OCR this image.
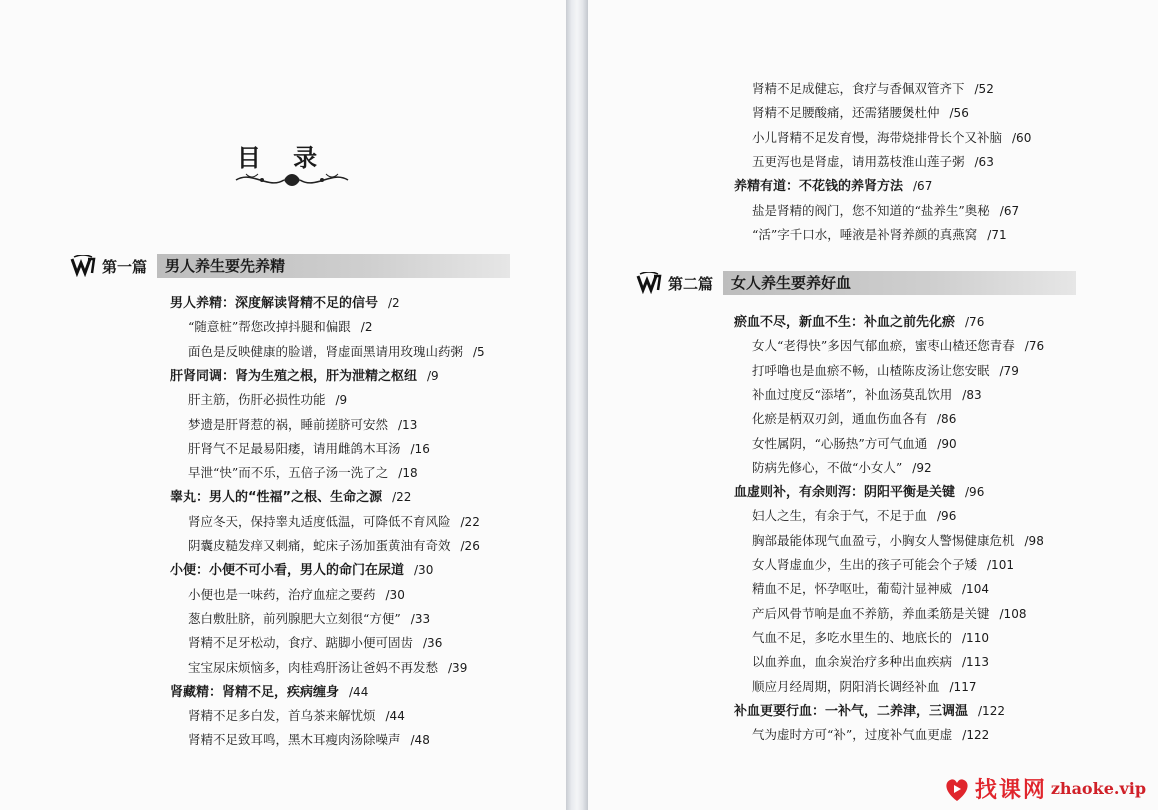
目 录
第一篇	男人养生要先养精
男人养精：深度解读肾精不足的信号 /2
“随意桩”帮您改掉抖腿和偏跟 /2
面色是反映健康的脸谱，肾虚面黑请用玫瑰山药粥 /5
肝肾同调：肾为生殖之根，肝为泄精之枢纽 /9
肝主筋，伤肝必损性功能 /9
梦遗是肝肾惹的祸，睡前搓脐可安然 /13
肝肾气不足最易阳痿，请用雌鸽木耳汤 /16
早泄“快”而不乐，五倍子汤一洗了之 /18
睾丸：男人的“性福”之根、生命之源 /22
肾应冬天，保持睾丸适度低温，可降低不育风险 /22
阴囊皮糙发痒又刺痛，蛇床子汤加蛋黄油有奇效 /26
小便：小便不可小看，男人的命门在尿道 /30
小便也是一味药，治疗血症之要药 /30
葱白敷肚脐，前列腺肥大立刻很“方便” /33
肾精不足牙松动，食疗、踮脚小便可固齿 /36
宝宝尿床烦恼多，肉桂鸡肝汤让爸妈不再发愁 /39
肾藏精：肾精不足，疾病缠身 /44
肾精不足多白发，首乌茶来解忧烦 /44
肾精不足致耳鸣，黑木耳瘦肉汤除噪声 /48
肾精不足成健忘，食疗与香佩双管齐下 /52
肾精不足腰酸痛，还需猪腰煲杜仲 /56
小儿肾精不足发育慢，海带烧排骨长个又补脑 /60
五更泻也是肾虚，请用荔枝淮山莲子粥 /63
养精有道：不花钱的养肾方法 /67
盐是肾精的阀门，您不知道的“盐养生”奥秘 /67
“活”字千口水，唾液是补肾养颜的真燕窝 /71
第二篇	女人养生要养好血
瘀血不尽，新血不生：补血之前先化瘀 /76
女人“老得快”多因气郁血瘀，蜜枣山楂还您青春 /76
打呼噜也是血瘀不畅，山楂陈皮汤让您安眠 /79
补血过度反“添堵”，补血汤莫乱饮用 /83
化瘀是柄双刃剑，通血伤血各有 /86
女性属阴，“心肠热”方可气血通 /90
防病先修心，不做“小女人” /92
血虚则补，有余则泻：阴阳平衡是关键 /96
妇人之生，有余于气，不足于血 /96
胸部最能体现气血盈亏，小胸女人警惕健康危机 /98
女人肾虚血少，生出的孩子可能会个子矮 /101
精血不足，怀孕呕吐，葡萄汁显神威 /104
产后风骨节响是血不养筋，养血柔筋是关键 /108
气血不足，多吃水里生的、地底长的 /110
以血养血，血余炭治疗多种出血疾病 /113
顺应月经周期，阴阳消长调经补血 /117
补血更要行血：一补气，二养津，三调温 /122
气为虚时方可“补”，过度补气血更虚 /122
找课网 zhaoke.vip
